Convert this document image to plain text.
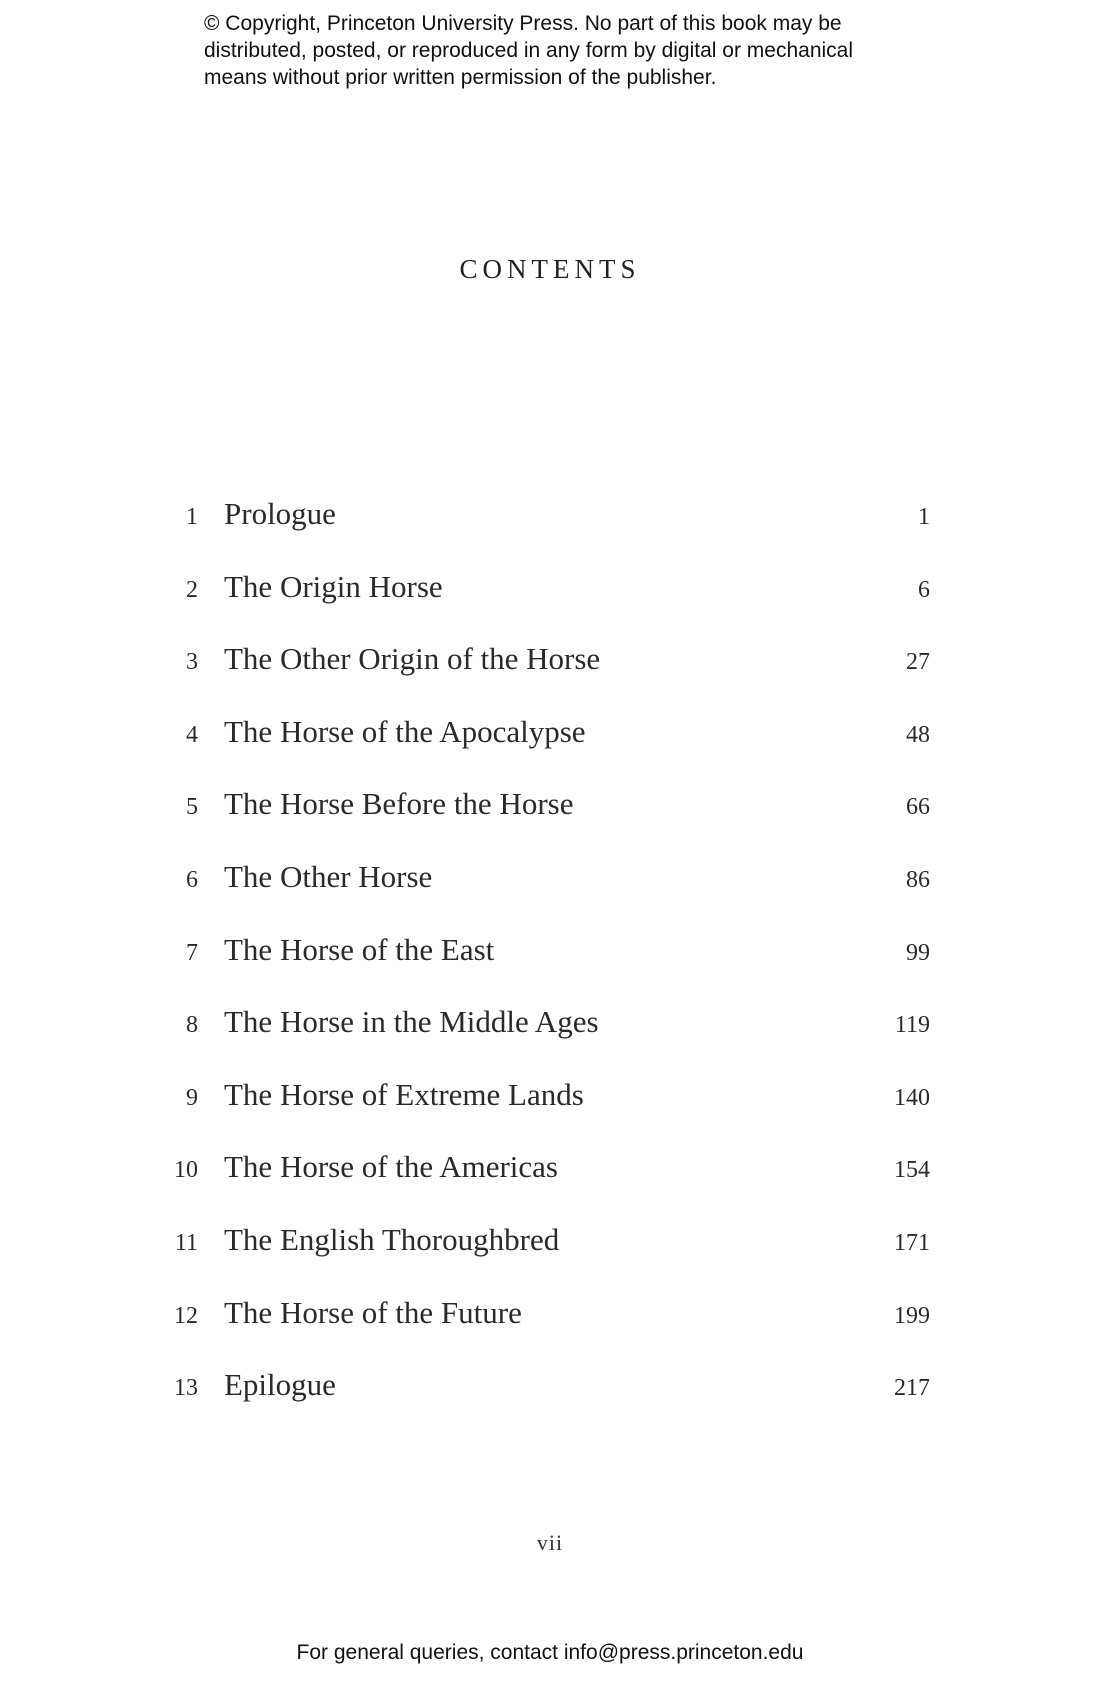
© Copyright, Princeton University Press. No part of this book may be
distributed, posted, or reproduced in any form by digital or mechanical
means without prior written permission of the publisher.
CONTENTS
1 Prologue	1
2 The Origin Horse	6
3 The Other Origin of the Horse	27
4 The Horse of the Apocalypse	48
5 The Horse Before the Horse	66
6 The Other Horse	86
7 The Horse of the East	99
8 The Horse in the Middle Ages	119
9 The Horse of Extreme Lands	140
10 The Horse of the Americas	154
11 The English Thoroughbred	171
12 The Horse of the Future	199
13 Epilogue	217
vii
For general queries, contact info@press.princeton.edu
